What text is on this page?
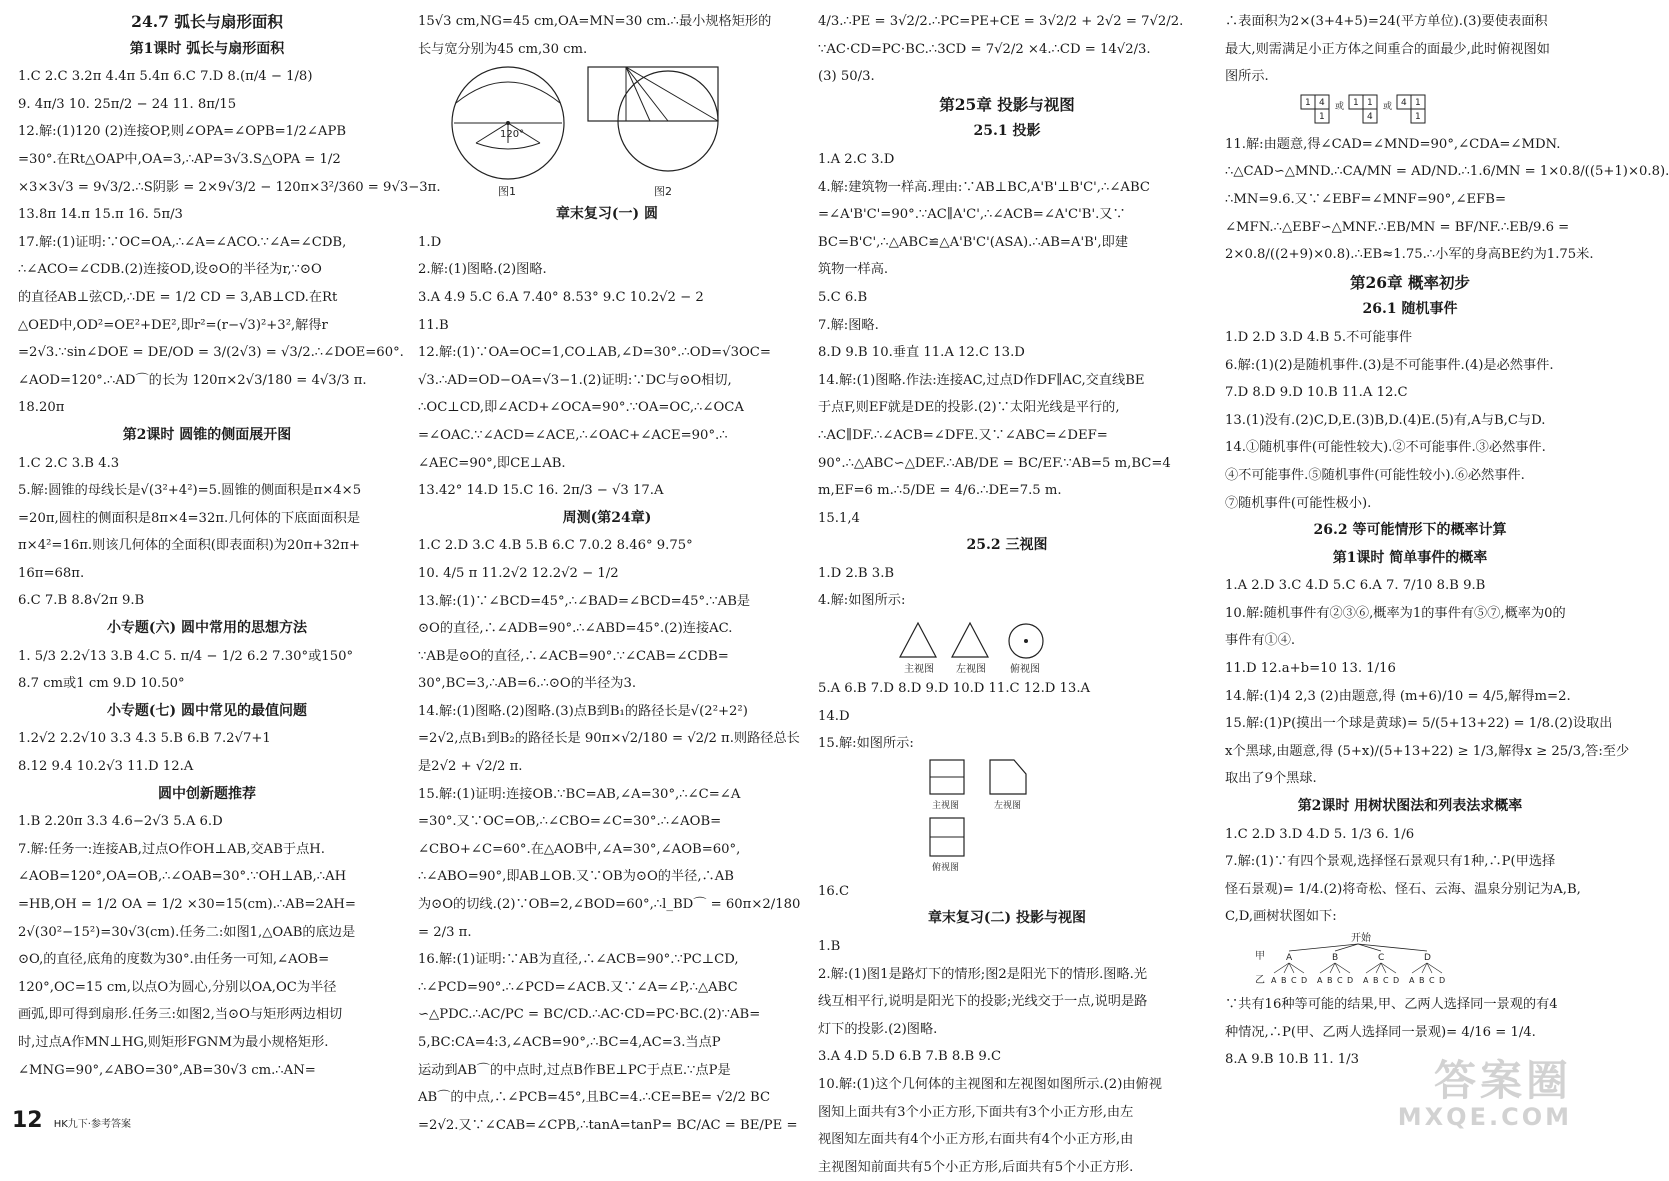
24.7 弧长与扇形面积
第1课时 弧长与扇形面积
1.C 2.C 3.2π 4.4π 5.4π 6.C 7.D 8.(π/4 − 1/8)
9. 4π/3 10. 25π/2 − 24 11. 8π/15
12.解:(1)120 (2)连接OP,则∠OPA=∠OPB=1/2∠APB
=30°.在Rt△OAP中,OA=3,∴AP=3√3.S△OPA = 1/2
×3×3√3 = 9√3/2.∴S阴影 = 2×9√3/2 − 120π×3²/360 = 9√3−3π.
13.8π 14.π 15.π 16. 5π/3
17.解:(1)证明:∵OC=OA,∴∠A=∠ACO.∵∠A=∠CDB,
∴∠ACO=∠CDB.(2)连接OD,设⊙O的半径为r,∵⊙O
的直径AB⊥弦CD,∴DE = 1/2 CD = 3,AB⊥CD.在Rt
△OED中,OD²=OE²+DE²,即r²=(r−√3)²+3²,解得r
=2√3.∵sin∠DOE = DE/OD = 3/(2√3) = √3/2.∴∠DOE=60°.
∠AOD=120°.∴AD⌒的长为 120π×2√3/180 = 4√3/3 π.
18.20π
第2课时 圆锥的侧面展开图
1.C 2.C 3.B 4.3
5.解:圆锥的母线长是√(3²+4²)=5.圆锥的侧面积是π×4×5
=20π,圆柱的侧面积是8π×4=32π.几何体的下底面面积是
π×4²=16π.则该几何体的全面积(即表面积)为20π+32π+
16π=68π.
6.C 7.B 8.8√2π 9.B
小专题(六) 圆中常用的思想方法
1. 5/3 2.2√13 3.B 4.C 5. π/4 − 1/2 6.2 7.30°或150°
8.7 cm或1 cm 9.D 10.50°
小专题(七) 圆中常见的最值问题
1.2√2 2.2√10 3.3 4.3 5.B 6.B 7.2√7+1
8.12 9.4 10.2√3 11.D 12.A
圆中创新题推荐
1.B 2.20π 3.3 4.6−2√3 5.A 6.D
7.解:任务一:连接AB,过点O作OH⊥AB,交AB于点H.
∠AOB=120°,OA=OB,∴∠OAB=30°.∵OH⊥AB,∴AH
=HB,OH = 1/2 OA = 1/2 ×30=15(cm).∴AB=2AH=
2√(30²−15²)=30√3(cm).任务二:如图1,△OAB的底边是
⊙O,的直径,底角的度数为30°.由任务一可知,∠AOB=
120°,OC=15 cm,以点O为圆心,分别以OA,OC为半径
画弧,即可得到扇形.任务三:如图2,当⊙O与矩形两边相切
时,过点A作MN⊥HG,则矩形FGNM为最小规格矩形.
∠MNG=90°,∠ABO=30°,AB=30√3 cm.∴AN=
15√3 cm,NG=45 cm,OA=MN=30 cm.∴最小规格矩形的
长与宽分别为45 cm,30 cm.
120°
图1	图2
章末复习(一) 圆
1.D
2.解:(1)图略.(2)图略.
3.A 4.9 5.C 6.A 7.40° 8.53° 9.C 10.2√2 − 2
11.B
12.解:(1)∵OA=OC=1,CO⊥AB,∠D=30°.∴OD=√3OC=
√3.∴AD=OD−OA=√3−1.(2)证明:∵DC与⊙O相切,
∴OC⊥CD,即∠ACD+∠OCA=90°.∵OA=OC,∴∠OCA
=∠OAC.∵∠ACD=∠ACE,∴∠OAC+∠ACE=90°.∴
∠AEC=90°,即CE⊥AB.
13.42° 14.D 15.C 16. 2π/3 − √3 17.A
周测(第24章)
1.C 2.D 3.C 4.B 5.B 6.C 7.0.2 8.46° 9.75°
10. 4/5 π 11.2√2 12.2√2 − 1/2
13.解:(1)∵∠BCD=45°,∴∠BAD=∠BCD=45°.∵AB是
⊙O的直径,∴∠ADB=90°.∴∠ABD=45°.(2)连接AC.
∵AB是⊙O的直径,∴∠ACB=90°.∵∠CAB=∠CDB=
30°,BC=3,∴AB=6.∴⊙O的半径为3.
14.解:(1)图略.(2)图略.(3)点B到B₁的路径长是√(2²+2²)
=2√2,点B₁到B₂的路径长是 90π×√2/180 = √2/2 π.则路径总长
是2√2 + √2/2 π.
15.解:(1)证明:连接OB.∵BC=AB,∠A=30°,∴∠C=∠A
=30°.又∵OC=OB,∴∠CBO=∠C=30°.∴∠AOB=
∠CBO+∠C=60°.在△AOB中,∠A=30°,∠AOB=60°,
∴∠ABO=90°,即AB⊥OB.又∵OB为⊙O的半径,∴AB
为⊙O的切线.(2)∵OB=2,∠BOD=60°,∴l_BD⌒ = 60π×2/180
= 2/3 π.
16.解:(1)证明:∵AB为直径,∴∠ACB=90°.∵PC⊥CD,
∴∠PCD=90°.∴∠PCD=∠ACB.又∵∠A=∠P,∴△ABC
∽△PDC.∴AC/PC = BC/CD.∴AC·CD=PC·BC.(2)∵AB=
5,BC:CA=4:3,∠ACB=90°,∴BC=4,AC=3.当点P
运动到AB⌒的中点时,过点B作BE⊥PC于点E.∵点P是
AB⌒的中点,∴∠PCB=45°,且BC=4.∴CE=BE= √2/2 BC
=2√2.又∵∠CAB=∠CPB,∴tanA=tanP= BC/AC = BE/PE =
4/3.∴PE = 3√2/2.∴PC=PE+CE = 3√2/2 + 2√2 = 7√2/2.
∵AC·CD=PC·BC.∴3CD = 7√2/2 ×4.∴CD = 14√2/3.
(3) 50/3.
第25章 投影与视图
25.1 投影
1.A 2.C 3.D
4.解:建筑物一样高.理由:∵AB⊥BC,A'B'⊥B'C',∴∠ABC
=∠A'B'C'=90°.∵AC∥A'C',∴∠ACB=∠A'C'B'.又∵
BC=B'C',∴△ABC≌△A'B'C'(ASA).∴AB=A'B',即建
筑物一样高.
5.C 6.B
7.解:图略.
8.D 9.B 10.垂直 11.A 12.C 13.D
14.解:(1)图略.作法:连接AC,过点D作DF∥AC,交直线BE
于点F,则EF就是DE的投影.(2)∵太阳光线是平行的,
∴AC∥DF.∴∠ACB=∠DFE.又∵∠ABC=∠DEF=
90°.∴△ABC∽△DEF.∴AB/DE = BC/EF.∵AB=5 m,BC=4
m,EF=6 m.∴5/DE = 4/6.∴DE=7.5 m.
15.1,4
25.2 三视图
1.D 2.B 3.B
4.解:如图所示:
主视图 左视图 俯视图
5.A 6.B 7.D 8.D 9.D 10.D 11.C 12.D 13.A
14.D
15.解:如图所示:
主视图	左视图
俯视图
16.C
章末复习(二) 投影与视图
1.B
2.解:(1)图1是路灯下的情形;图2是阳光下的情形.图略.光
线互相平行,说明是阳光下的投影;光线交于一点,说明是路
灯下的投影.(2)图略.
3.A 4.D 5.D 6.B 7.B 8.B 9.C
10.解:(1)这个几何体的主视图和左视图如图所示.(2)由俯视
图知上面共有3个小正方形,下面共有3个小正方形,由左
视图知左面共有4个小正方形,右面共有4个小正方形,由
主视图知前面共有5个小正方形,后面共有5个小正方形.
∴表面积为2×(3+4+5)=24(平方单位).(3)要使表面积
最大,则需满足小正方体之间重合的面最少,此时俯视图如
图所示.
1 4
1
或 1 1
4
或 4 1
1
11.解:由题意,得∠CAD=∠MND=90°,∠CDA=∠MDN.
∴△CAD∽△MND.∴CA/MN = AD/ND.∴1.6/MN = 1×0.8/((5+1)×0.8).
∴MN=9.6.又∵∠EBF=∠MNF=90°,∠EFB=
∠MFN.∴△EBF∽△MNF.∴EB/MN = BF/NF.∴EB/9.6 =
2×0.8/((2+9)×0.8).∴EB≈1.75.∴小军的身高BE约为1.75米.
第26章 概率初步
26.1 随机事件
1.D 2.D 3.D 4.B 5.不可能事件
6.解:(1)(2)是随机事件.(3)是不可能事件.(4)是必然事件.
7.D 8.D 9.D 10.B 11.A 12.C
13.(1)没有.(2)C,D,E.(3)B,D.(4)E.(5)有,A与B,C与D.
14.①随机事件(可能性较大).②不可能事件.③必然事件.
④不可能事件.⑤随机事件(可能性较小).⑥必然事件.
⑦随机事件(可能性极小).
26.2 等可能情形下的概率计算
第1课时 简单事件的概率
1.A 2.D 3.C 4.D 5.C 6.A 7. 7/10 8.B 9.B
10.解:随机事件有②③⑥,概率为1的事件有⑤⑦,概率为0的
事件有①④.
11.D 12.a+b=10 13. 1/16
14.解:(1)4 2,3 (2)由题意,得 (m+6)/10 = 4/5,解得m=2.
15.解:(1)P(摸出一个球是黄球)= 5/(5+13+22) = 1/8.(2)设取出
x个黑球,由题意,得 (5+x)/(5+13+22) ≥ 1/3,解得x ≥ 25/3,答:至少
取出了9个黑球.
第2课时 用树状图法和列表法求概率
1.C 2.D 3.D 4.D 5. 1/3 6. 1/6
7.解:(1)∵有四个景观,选择怪石景观只有1种,∴P(甲选择
怪石景观)= 1/4.(2)将奇松、怪石、云海、温泉分别记为A,B,
C,D,画树状图如下:
开始
甲
乙
A
A B C D
B
A B C D
C
A B C D
D
A B C D
∵共有16种等可能的结果,甲、乙两人选择同一景观的有4
种情况,∴P(甲、乙两人选择同一景观)= 4/16 = 1/4.
8.A 9.B 10.B 11. 1/3
12 HK九下·参考答案
答案圈
MXQE.COM
